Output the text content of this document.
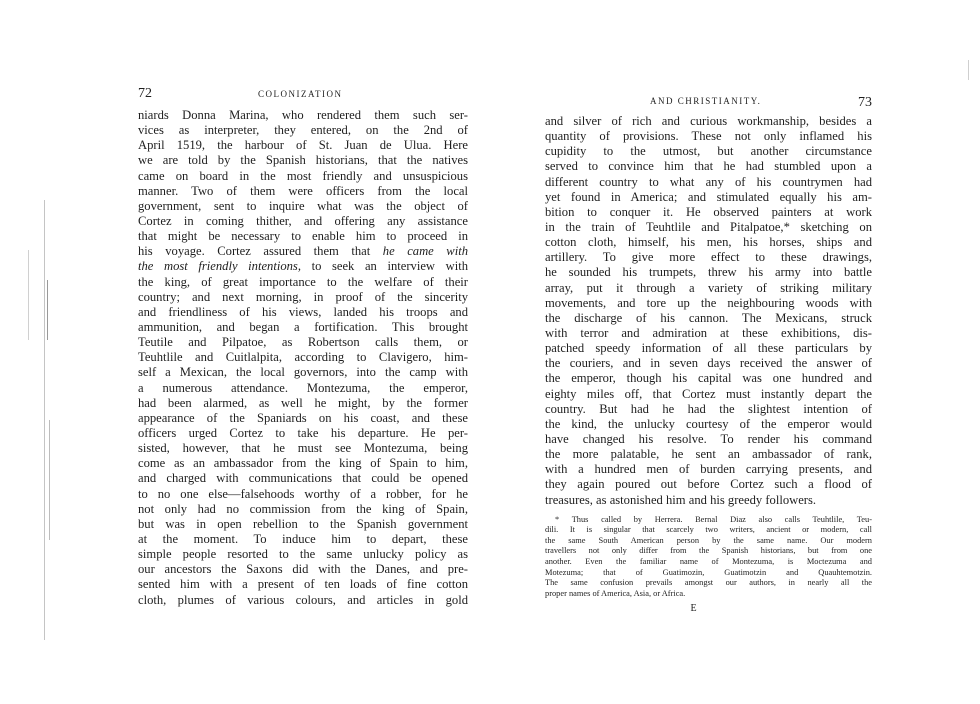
72	COLONIZATION
niards Donna Marina, who rendered them such ser-
vices as interpreter, they entered, on the 2nd of
April 1519, the harbour of St. Juan de Ulua. Here
we are told by the Spanish historians, that the natives
came on board in the most friendly and unsuspicious
manner. Two of them were officers from the local
government, sent to inquire what was the object of
Cortez in coming thither, and offering any assistance
that might be necessary to enable him to proceed in
his voyage. Cortez assured them that he came with
the most friendly intentions, to seek an interview with
the king, of great importance to the welfare of their
country; and next morning, in proof of the sincerity
and friendliness of his views, landed his troops and
ammunition, and began a fortification. This brought
Teutile and Pilpatoe, as Robertson calls them, or
Teuhtlile and Cuitlalpita, according to Clavigero, him-
self a Mexican, the local governors, into the camp with
a numerous attendance. Montezuma, the emperor,
had been alarmed, as well he might, by the former
appearance of the Spaniards on his coast, and these
officers urged Cortez to take his departure. He per-
sisted, however, that he must see Montezuma, being
come as an ambassador from the king of Spain to him,
and charged with communications that could be opened
to no one else—falsehoods worthy of a robber, for he
not only had no commission from the king of Spain,
but was in open rebellion to the Spanish government
at the moment. To induce him to depart, these
simple people resorted to the same unlucky policy as
our ancestors the Saxons did with the Danes, and pre-
sented him with a present of ten loads of fine cotton
cloth, plumes of various colours, and articles in gold
AND CHRISTIANITY.	73
and silver of rich and curious workmanship, besides a
quantity of provisions. These not only inflamed his
cupidity to the utmost, but another circumstance
served to convince him that he had stumbled upon a
different country to what any of his countrymen had
yet found in America; and stimulated equally his am-
bition to conquer it. He observed painters at work
in the train of Teuhtlile and Pitalpatoe,* sketching on
cotton cloth, himself, his men, his horses, ships and
artillery. To give more effect to these drawings,
he sounded his trumpets, threw his army into battle
array, put it through a variety of striking military
movements, and tore up the neighbouring woods with
the discharge of his cannon. The Mexicans, struck
with terror and admiration at these exhibitions, dis-
patched speedy information of all these particulars by
the couriers, and in seven days received the answer of
the emperor, though his capital was one hundred and
eighty miles off, that Cortez must instantly depart the
country. But had he had the slightest intention of
the kind, the unlucky courtesy of the emperor would
have changed his resolve. To render his command
the more palatable, he sent an ambassador of rank,
with a hundred men of burden carrying presents, and
they again poured out before Cortez such a flood of
treasures, as astonished him and his greedy followers.
* Thus called by Herrera. Bernal Diaz also calls Teuhtlile, Teu-
dili. It is singular that scarcely two writers, ancient or modern, call
the same South American person by the same name. Our modern
travellers not only differ from the Spanish historians, but from one
another. Even the familiar name of Montezuma, is Moctezuma and
Motezuma; that of Guatimozin, Guatimotzin and Quauhtemotzin.
The same confusion prevails amongst our authors, in nearly all the
proper names of America, Asia, or Africa.
E
